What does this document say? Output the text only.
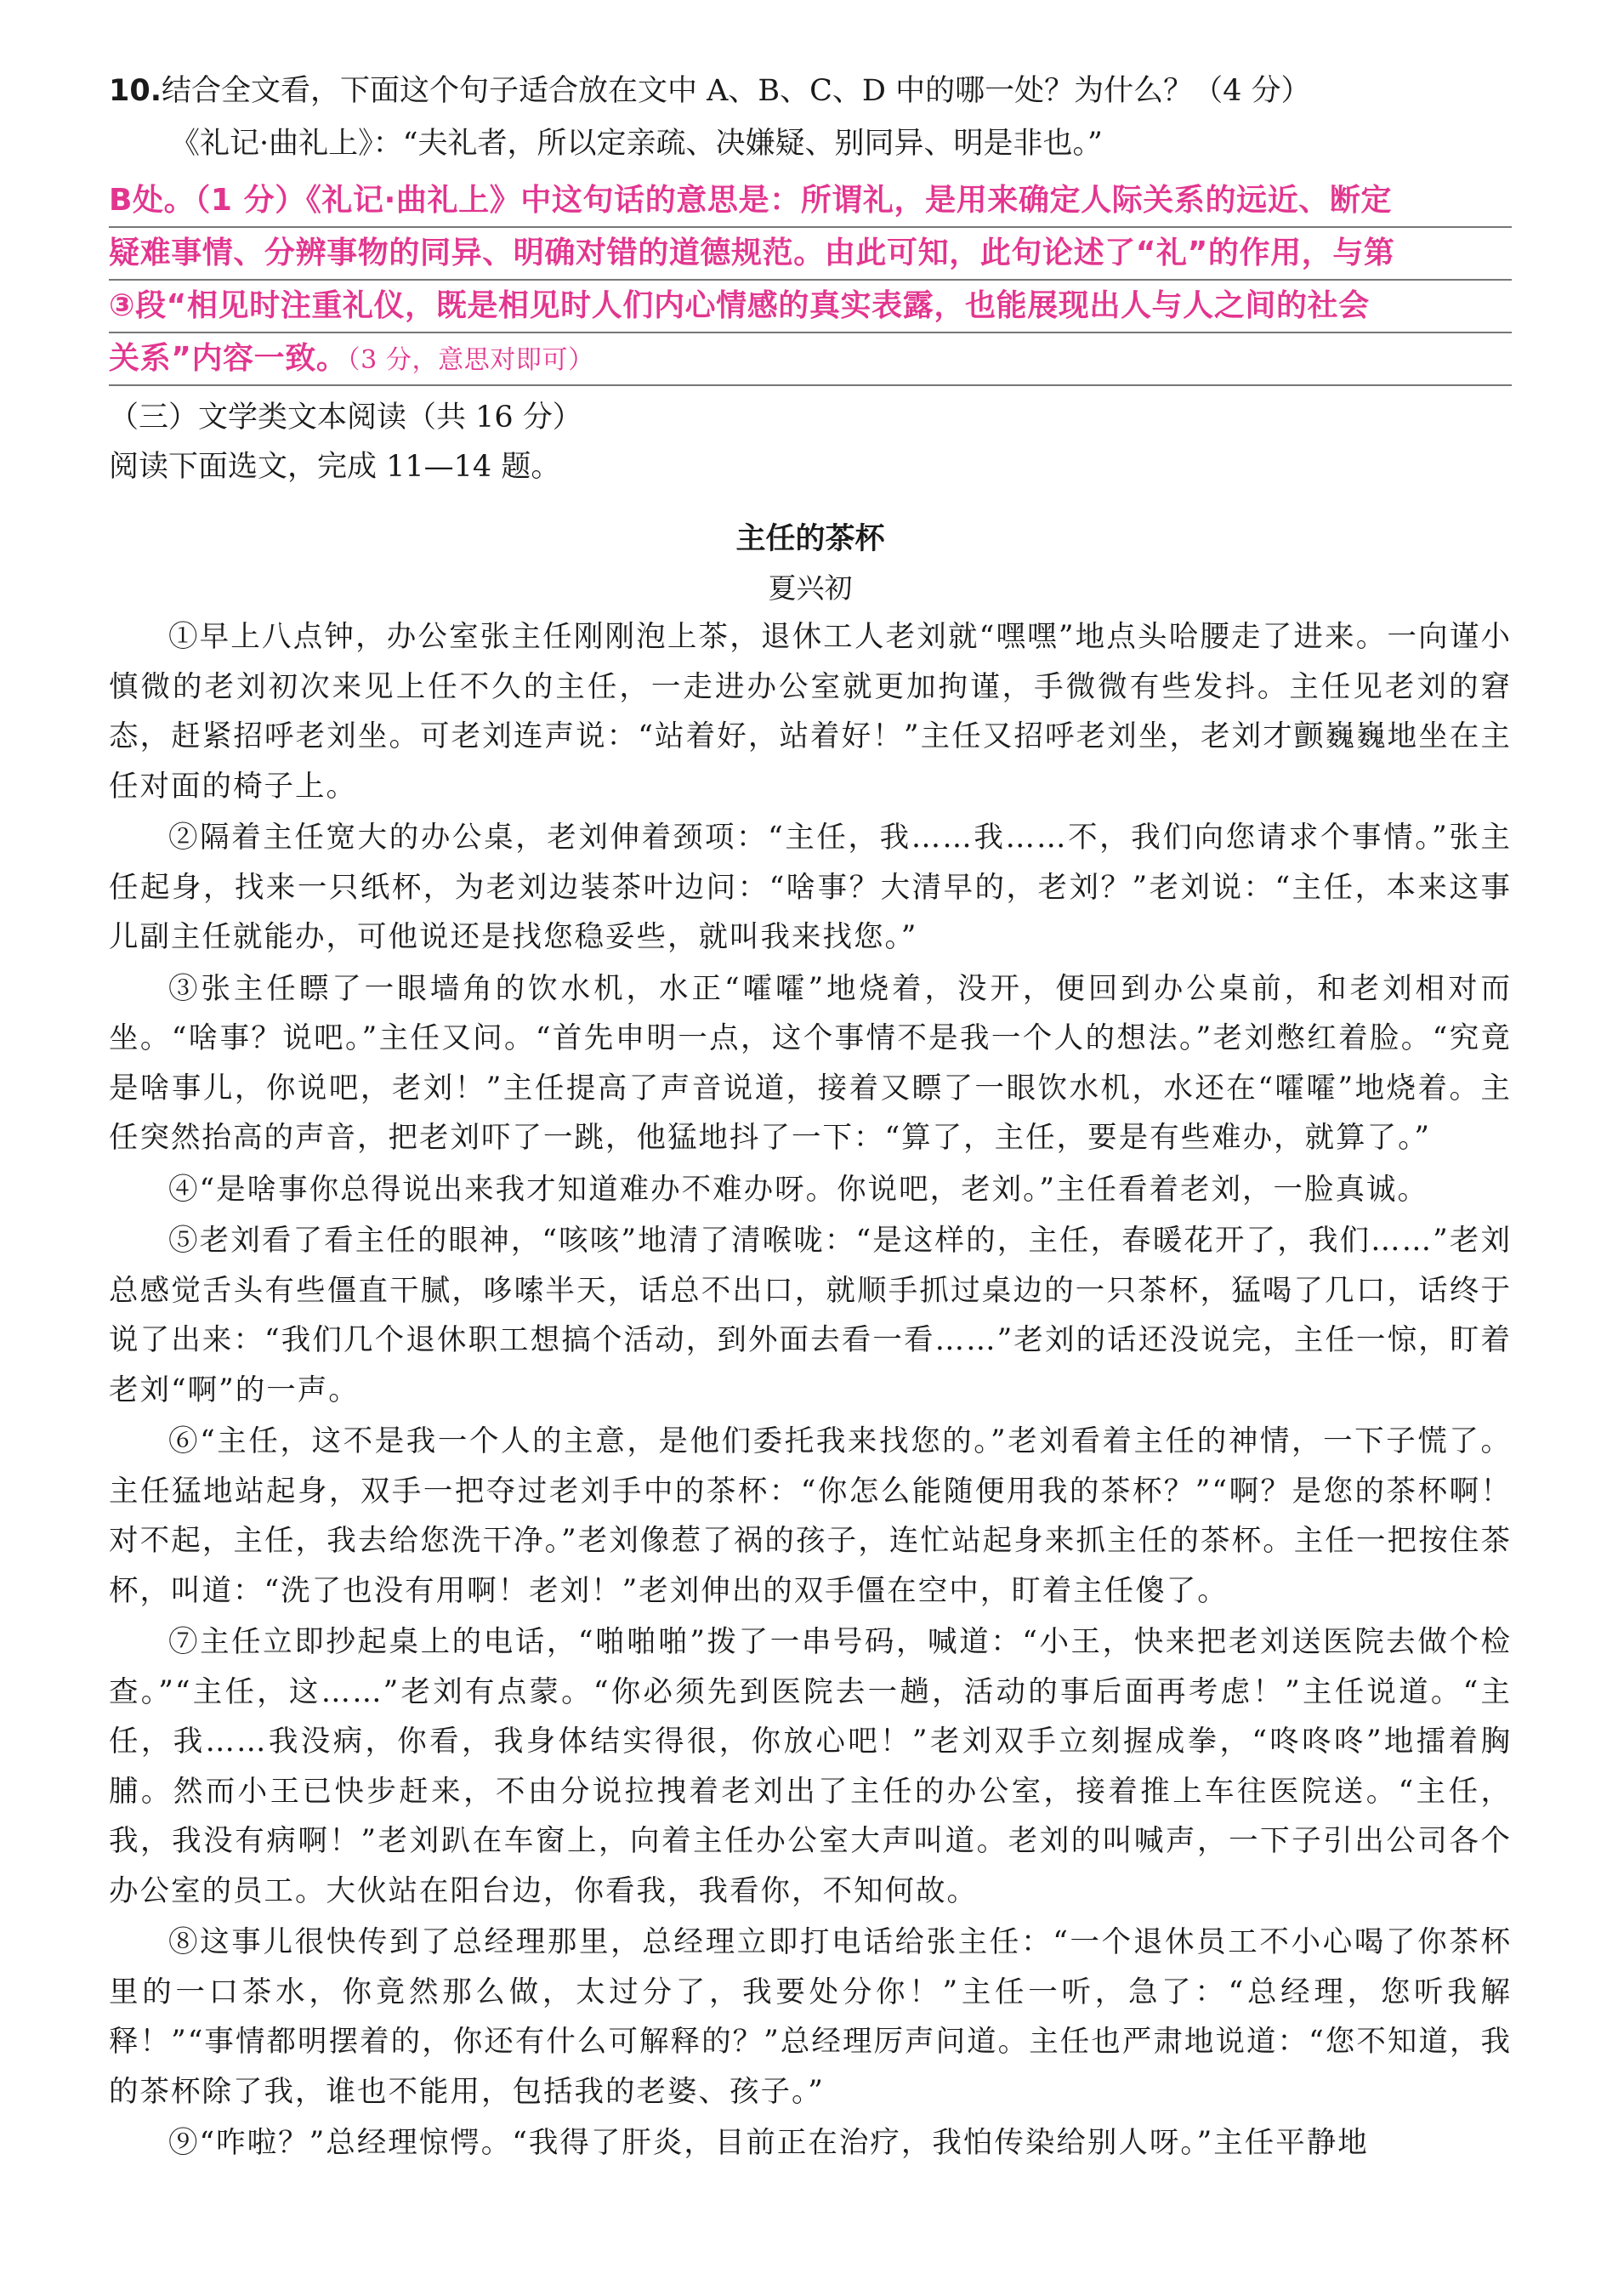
10.结合全文看，下面这个句子适合放在文中 A、B、C、D 中的哪一处？为什么？（4 分）
《礼记·曲礼上》：“夫礼者，所以定亲疏、决嫌疑、别同异、明是非也。”
B处。（1 分）《礼记·曲礼上》中这句话的意思是：所谓礼，是用来确定人际关系的远近、断定
疑难事情、分辨事物的同异、明确对错的道德规范。由此可知，此句论述了“礼”的作用，与第
③段“相见时注重礼仪，既是相见时人们内心情感的真实表露，也能展现出人与人之间的社会
关系”内容一致。（3 分，意思对即可）
（三）文学类文本阅读（共 16 分）
阅读下面选文，完成 11—14 题。
主任的茶杯
夏兴初

①早上八点钟，办公室张主任刚刚泡上茶，退休工人老刘就“嘿嘿”地点头哈腰走了进来。一向谨小慎微的老刘初次来见上任不久的主任，一走进办公室就更加拘谨，手微微有些发抖。主任见老刘的窘态，赶紧招呼老刘坐。可老刘连声说：“站着好，站着好！”主任又招呼老刘坐，老刘才颤巍巍地坐在主任对面的椅子上。

②隔着主任宽大的办公桌，老刘伸着颈项：“主任，我……我……不，我们向您请求个事情。”张主任起身，找来一只纸杯，为老刘边装茶叶边问：“啥事？大清早的，老刘？”老刘说：“主任，本来这事儿副主任就能办，可他说还是找您稳妥些，就叫我来找您。”

③张主任瞟了一眼墙角的饮水机，水正“嚯嚯”地烧着，没开，便回到办公桌前，和老刘相对而坐。“啥事？说吧。”主任又问。“首先申明一点，这个事情不是我一个人的想法。”老刘憋红着脸。“究竟是啥事儿，你说吧，老刘！”主任提高了声音说道，接着又瞟了一眼饮水机，水还在“嚯嚯”地烧着。主任突然抬高的声音，把老刘吓了一跳，他猛地抖了一下：“算了，主任，要是有些难办，就算了。”

④“是啥事你总得说出来我才知道难办不难办呀。你说吧，老刘。”主任看着老刘，一脸真诚。

⑤老刘看了看主任的眼神，“咳咳”地清了清喉咙：“是这样的，主任，春暖花开了，我们……”老刘总感觉舌头有些僵直干腻，哆嗦半天，话总不出口，就顺手抓过桌边的一只茶杯，猛喝了几口，话终于说了出来：“我们几个退休职工想搞个活动，到外面去看一看……”老刘的话还没说完，主任一惊，盯着老刘“啊”的一声。

⑥“主任，这不是我一个人的主意，是他们委托我来找您的。”老刘看着主任的神情，一下子慌了。主任猛地站起身，双手一把夺过老刘手中的茶杯：“你怎么能随便用我的茶杯？”“啊？是您的茶杯啊！对不起，主任，我去给您洗干净。”老刘像惹了祸的孩子，连忙站起身来抓主任的茶杯。主任一把按住茶杯，叫道：“洗了也没有用啊！老刘！”老刘伸出的双手僵在空中，盯着主任傻了。

⑦主任立即抄起桌上的电话，“啪啪啪”拨了一串号码，喊道：“小王，快来把老刘送医院去做个检查。”“主任，这……”老刘有点蒙。“你必须先到医院去一趟，活动的事后面再考虑！”主任说道。“主任，我……我没病，你看，我身体结实得很，你放心吧！”老刘双手立刻握成拳，“咚咚咚”地擂着胸脯。然而小王已快步赶来，不由分说拉拽着老刘出了主任的办公室，接着推上车往医院送。“主任，我，我没有病啊！”老刘趴在车窗上，向着主任办公室大声叫道。老刘的叫喊声，一下子引出公司各个办公室的员工。大伙站在阳台边，你看我，我看你，不知何故。

⑧这事儿很快传到了总经理那里，总经理立即打电话给张主任：“一个退休员工不小心喝了你茶杯里的一口茶水，你竟然那么做，太过分了，我要处分你！”主任一听，急了：“总经理，您听我解释！”“事情都明摆着的，你还有什么可解释的？”总经理厉声问道。主任也严肃地说道：“您不知道，我的茶杯除了我，谁也不能用，包括我的老婆、孩子。”

⑨“咋啦？”总经理惊愕。“我得了肝炎，目前正在治疗，我怕传染给别人呀。”主任平静地
